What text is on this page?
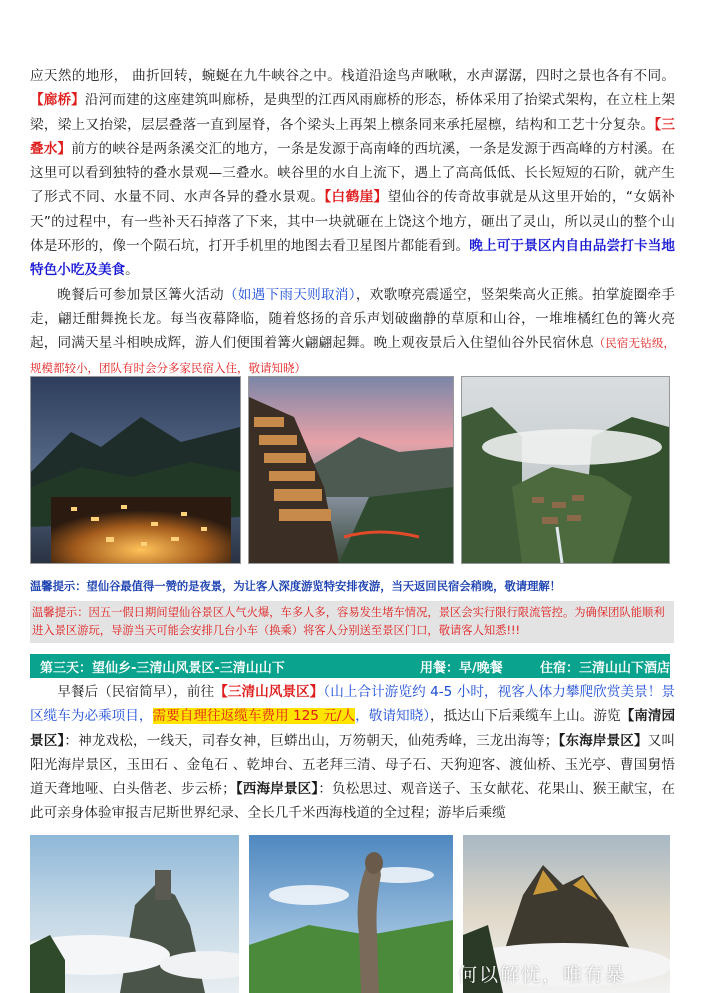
应天然的地形， 曲折回转，蜿蜒在九牛峡谷之中。栈道沿途鸟声啾啾，水声潺潺，四时之景也各有不同。【廊桥】沿河而建的这座建筑叫廊桥，是典型的江西风雨廊桥的形态，桥体采用了抬梁式架构，在立柱上架梁，梁上又抬梁，层层叠落一直到屋脊，各个梁头上再架上檩条同来承托屋檩，结构和工艺十分复杂。【三叠水】前方的峡谷是两条溪交汇的地方，一条是发源于高南峰的西坑溪，一条是发源于西高峰的方村溪。在这里可以看到独特的叠水景观—三叠水。峡谷里的水自上流下，遇上了高高低低、长长短短的石阶，就产生了形式不同、水量不同、水声各异的叠水景观。【白鹤崖】望仙谷的传奇故事就是从这里开始的，“女娲补天”的过程中，有一些补天石掉落了下来，其中一块就砸在上饶这个地方，砸出了灵山，所以灵山的整个山体是环形的，像一个陨石坑，打开手机里的地图去看卫星图片都能看到。晚上可于景区内自由品尝打卡当地特色小吃及美食。

晚餐后可参加景区篝火活动（如遇下雨天则取消），欢歌嘹亮震遥空，竖架柴高火正熊。拍掌旋圈牵手走，翩迁酣舞挽长龙。每当夜幕降临，随着悠扬的音乐声划破幽静的草原和山谷，一堆堆橘红色的篝火亮起，同满天星斗相映成辉，游人们便围着篝火翩翩起舞。晚上观夜景后入住望仙谷外民宿休息（民宿无钻级，规模都较小，团队有时会分多家民宿入住，敬请知晓）

温馨提示：望仙谷最值得一赞的是夜景，为让客人深度游览特安排夜游，当天返回民宿会稍晚，敬请理解！
温馨提示：因五一假日期间望仙谷景区人气火爆，车多人多，容易发生堵车情况，景区会实行限行限流管控。为确保团队能顺利进入景区游玩，导游当天可能会安排几台小车（换乘）将客人分别送至景区门口，敬请客人知悉!!!
第三天：望仙乡-三清山风景区-三清山山下	用餐：早/晚餐	住宿：三清山山下酒店

早餐后（民宿简早），前往【三清山风景区】（山上合计游览约 4-5 小时，视客人体力攀爬欣赏美景！景区缆车为必乘项目，需要自理往返缆车费用 125 元/人，敬请知晓），抵达山下后乘缆车上山。游览【南清园景区】：神龙戏松，一线天，司春女神，巨蟒出山，万笏朝天，仙苑秀峰，三龙出海等；【东海岸景区】又叫阳光海岸景区，玉田石 、金龟石 、乾坤台、五老拜三清、母子石、天狗迎客、渡仙桥、玉光亭、曹国舅悟道天聋地哑、白头偕老、步云桥；【西海岸景区】：负松思过、观音送子、玉女献花、花果山、猴王献宝，在此可亲身体验审报吉尼斯世界纪录、全长几千米西海栈道的全过程；游毕后乘缆

何以解忧，唯有暴
